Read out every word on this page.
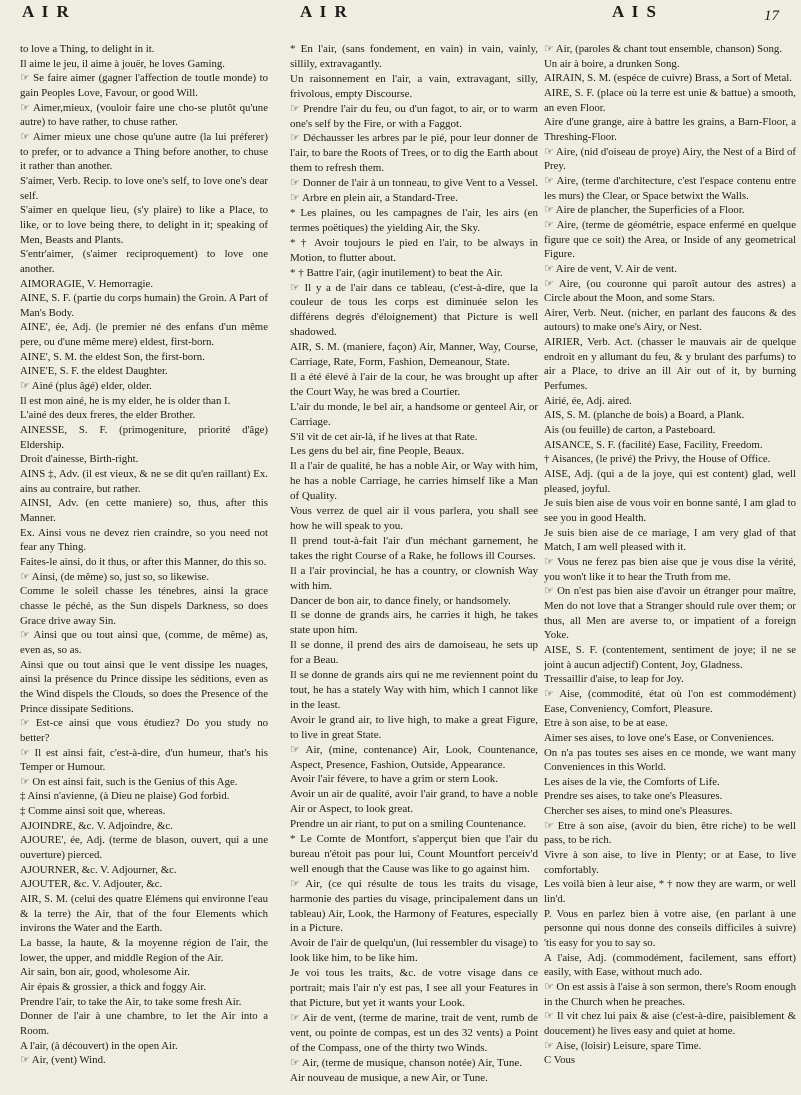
A I R	A I R	A I S	17

to love a Thing, to delight in it.

Il aime le jeu, il aime à jouër, he loves Gaming.

☞ Se faire aimer (gagner l'affection de toutle monde) to gain Peoples Love, Favour, or good Will.

☞ Aimer,mieux, (vouloir faire une cho-se plutôt qu'une autre) to have rather, to chuse rather.

☞ Aimer mieux une chose qu'une autre (la lui préferer) to prefer, or to advance a Thing before another, to chuse it rather than another.

S'aimer, Verb. Recip. to love one's self, to love one's dear self.

S'aimer en quelque lieu, (s'y plaire) to like a Place, to like, or to love being there, to delight in it; speaking of Men, Beasts and Plants.

S'entr'aimer, (s'aimer reciproquement) to love one another.

AIMORAGIE, V. Hemorragie.

AINE, S. F. (partie du corps humain) the Groin. A Part of Man's Body.

AINE', ée, Adj. (le premier né des enfans d'un même pere, ou d'une même mere) eldest, first-born.

AINE', S. M. the eldest Son, the first-born.

AINE'E, S. F. the eldest Daughter.

☞ Ainé (plus âgé) elder, older.

Il est mon ainé, he is my elder, he is older than I.

L'ainé des deux freres, the elder Brother.

AINESSE, S. F. (primogeniture, priorité d'âge) Eldership.

Droit d'ainesse, Birth-right.

AINS ‡, Adv. (il est vieux, & ne se dit qu'en raillant) Ex. ains au contraire, but rather.

AINSI, Adv. (en cette maniere) so, thus, after this Manner.

Ex. Ainsi vous ne devez rien craindre, so you need not fear any Thing.

Faites-le ainsi, do it thus, or after this Manner, do this so.

☞ Ainsi, (de même) so, just so, so likewise.

Comme le soleil chasse les ténebres, ainsi la grace chasse le péché, as the Sun dispels Darkness, so does Grace drive away Sin.

☞ Ainsi que ou tout ainsi que, (comme, de même) as, even as, so as.

Ainsi que ou tout ainsi que le vent dissipe les nuages, ainsi la présence du Prince dissipe les séditions, even as the Wind dispels the Clouds, so does the Presence of the Prince dissipate Seditions.

☞ Est-ce ainsi que vous étudiez? Do you study no better?

☞ Il est ainsi fait, c'est-à-dire, d'un humeur, that's his Temper or Humour.

☞ On est ainsi fait, such is the Genius of this Age.

‡ Ainsi n'avienne, (à Dieu ne plaise) God forbid.

‡ Comme ainsi soit que, whereas.

AJOINDRE, &c. V. Adjoindre, &c.

AJOURE', ée, Adj. (terme de blason, ouvert, qui a une ouverture) pierced.

AJOURNER, &c. V. Adjourner, &c.

AJOUTER, &c. V. Adjouter, &c.

AIR, S. M. (celui des quatre Elémens qui environne l'eau & la terre) the Air, that of the four Elements which invirons the Water and the Earth.

La basse, la haute, & la moyenne région de l'air, the lower, the upper, and middle Region of the Air.

Air sain, bon air, good, wholesome Air.

Air épais & grossier, a thick and foggy Air.

Prendre l'air, to take the Air, to take some fresh Air.

Donner de l'air à une chambre, to let the Air into a Room.

A l'air, (à découvert) in the open Air.

☞ Air, (vent) Wind.

* En l'air, (sans fondement, en vain) in vain, vainly, sillily, extravagantly.

Un raisonnement en l'air, a vain, extravagant, silly, frivolous, empty Discourse.

☞ Prendre l'air du feu, ou d'un fagot, to air, or to warm one's self by the Fire, or with a Faggot.

☞ Déchausser les arbres par le pié, pour leur donner de l'air, to bare the Roots of Trees, or to dig the Earth about them to refresh them.

☞ Donner de l'air à un tonneau, to give Vent to a Vessel.

☞ Arbre en plein air, a Standard-Tree.

* Les plaines, ou les campagnes de l'air, les airs (en termes poëtiques) the yielding Air, the Sky.

* † Avoir toujours le pied en l'air, to be always in Motion, to flutter about.

* † Battre l'air, (agir inutilement) to beat the Air.

☞ Il y a de l'air dans ce tableau, (c'est-à-dire, que la couleur de tous les corps est diminuée selon les différens degrés d'éloignement) that Picture is well shadowed.

AIR, S. M. (maniere, façon) Air, Manner, Way, Course, Carriage, Rate, Form, Fashion, Demeanour, State.

Il a été élevé à l'air de la cour, he was brought up after the Court Way, he was bred a Courtier.

L'air du monde, le bel air, a handsome or genteel Air, or Carriage.

S'il vit de cet air-là, if he lives at that Rate.

Les gens du bel air, fine People, Beaux.

Il a l'air de qualité, he has a noble Air, or Way with him, he has a noble Carriage, he carries himself like a Man of Quality.

Vous verrez de quel air il vous parlera, you shall see how he will speak to you.

Il prend tout-à-fait l'air d'un méchant garnement, he takes the right Course of a Rake, he follows ill Courses.

Il a l'air provincial, he has a country, or clownish Way with him.

Dancer de bon air, to dance finely, or handsomely.

Il se donne de grands airs, he carries it high, he takes state upon him.

Il se donne, il prend des airs de damoiseau, he sets up for a Beau.

Il se donne de grands airs qui ne me reviennent point du tout, he has a stately Way with him, which I cannot like in the least.

Avoir le grand air, to live high, to make a great Figure, to live in great State.

☞ Air, (mine, contenance) Air, Look, Countenance, Aspect, Presence, Fashion, Outside, Appearance.

Avoir l'air févere, to have a grim or stern Look.

Avoir un air de qualité, avoir l'air grand, to have a noble Air or Aspect, to look great.

Prendre un air riant, to put on a smiling Countenance.

* Le Comte de Montfort, s'apperçut bien que l'air du bureau n'étoit pas pour lui, Count Mountfort perceiv'd well enough that the Cause was like to go against him.

☞ Air, (ce qui résulte de tous les traits du visage, harmonie des parties du visage, principalement dans un tableau) Air, Look, the Harmony of Features, especially in a Picture.

Avoir de l'air de quelqu'un, (lui ressembler du visage) to look like him, to be like him.

Je voi tous les traits, &c. de votre visage dans ce portrait; mais l'air n'y est pas, I see all your Features in that Picture, but yet it wants your Look.

☞ Air de vent, (terme de marine, trait de vent, rumb de vent, ou pointe de compas, est un des 32 vents) a Point of the Compass, one of the thirty two Winds.

☞ Air, (terme de musique, chanson notée) Air, Tune.

Air nouveau de musique, a new Air, or Tune.

☞ Air, (paroles & chant tout ensemble, chanson) Song.

Un air à boire, a drunken Song.

AIRAIN, S. M. (espéce de cuivre) Brass, a Sort of Metal.

AIRE, S. F. (place où la terre est unie & battue) a smooth, an even Floor.

Aire d'une grange, aire à battre les grains, a Barn-Floor, a Threshing-Floor.

☞ Aire, (nid d'oiseau de proye) Airy, the Nest of a Bird of Prey.

☞ Aire, (terme d'architecture, c'est l'espace contenu entre les murs) the Clear, or Space betwixt the Walls.

☞ Aire de plancher, the Superficies of a Floor.

☞ Aire, (terme de géométrie, espace enfermé en quelque figure que ce soit) the Area, or Inside of any geometrical Figure.

☞ Aire de vent, V. Air de vent.

☞ Aire, (ou couronne qui paroît autour des astres) a Circle about the Moon, and some Stars.

Airer, Verb. Neut. (nicher, en parlant des faucons & des autours) to make one's Airy, or Nest.

AIRIER, Verb. Act. (chasser le mauvais air de quelque endroit en y allumant du feu, & y brulant des parfums) to air a Place, to drive an ill Air out of it, by burning Perfumes.

Airié, ée, Adj. aired.

AIS, S. M. (planche de bois) a Board, a Plank.

Ais (ou feuille) de carton, a Pasteboard.

AISANCE, S. F. (facilité) Ease, Facility, Freedom.

† Aisances, (le privé) the Privy, the House of Office.

AISE, Adj. (qui a de la joye, qui est content) glad, well pleased, joyful.

Je suis bien aise de vous voir en bonne santé, I am glad to see you in good Health.

Je suis bien aise de ce mariage, I am very glad of that Match, I am well pleased with it.

☞ Vous ne ferez pas bien aise que je vous dise la vérité, you won't like it to hear the Truth from me.

☞ On n'est pas bien aise d'avoir un étranger pour maître, Men do not love that a Stranger should rule over them; or thus, all Men are averse to, or impatient of a foreign Yoke.

AISE, S. F. (contentement, sentiment de joye; il ne se joint à aucun adjectif) Content, Joy, Gladness.

Tressaillir d'aise, to leap for Joy.

☞ Aise, (commodité, état où l'on est commodément) Ease, Conveniency, Comfort, Pleasure.

Etre à son aise, to be at ease.

Aimer ses aises, to love one's Ease, or Conveniences.

On n'a pas toutes ses aises en ce monde, we want many Conveniences in this World.

Les aises de la vie, the Comforts of Life.

Prendre ses aises, to take one's Pleasures.

Chercher ses aises, to mind one's Pleasures.

☞ Etre à son aise, (avoir du bien, être riche) to be well pass, to be rich.

Vivre à son aise, to live in Plenty; or at Ease, to live comfortably.

Les voilà bien à leur aise, * † now they are warm, or well lin'd.

P. Vous en parlez bien à votre aise, (en parlant à une personne qui nous donne des conseils difficiles à suivre) 'tis easy for you to say so.

A l'aise, Adj. (commodément, facilement, sans effort) easily, with Ease, without much ado.

☞ On est assis à l'aise à son sermon, there's Room enough in the Church when he preaches.

☞ Il vit chez lui paix & aise (c'est-à-dire, paisiblement & doucement) he lives easy and quiet at home.

☞ Aise, (loisir) Leisure, spare Time.

C Vous
